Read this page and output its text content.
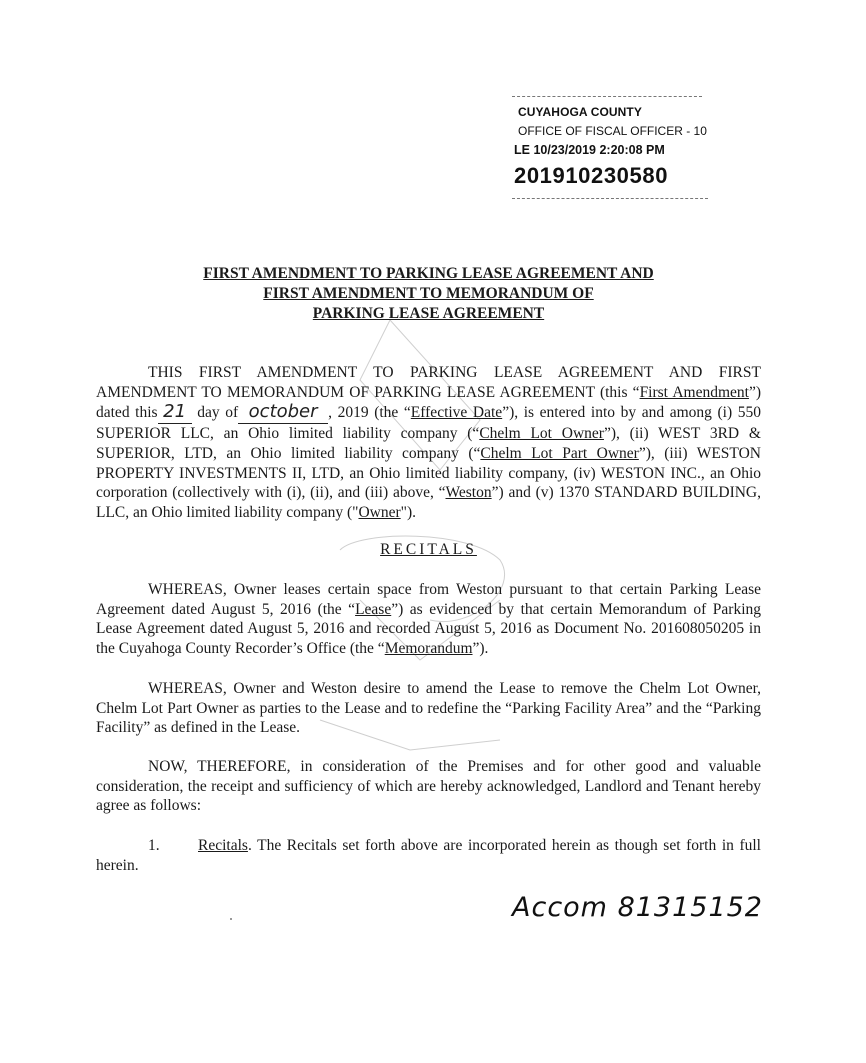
CUYAHOGA COUNTY
OFFICE OF FISCAL OFFICER - 10
LE 10/23/2019 2:20:08 PM
201910230580
FIRST AMENDMENT TO PARKING LEASE AGREEMENT AND
FIRST AMENDMENT TO MEMORANDUM OF
PARKING LEASE AGREEMENT

THIS FIRST AMENDMENT TO PARKING LEASE AGREEMENT AND FIRST AMENDMENT TO MEMORANDUM OF PARKING LEASE AGREEMENT (this “First Amendment”) dated this 21 day of october , 2019 (the “Effective Date”), is entered into by and among (i) 550 SUPERIOR LLC, an Ohio limited liability company (“Chelm Lot Owner”), (ii) WEST 3RD & SUPERIOR, LTD, an Ohio limited liability company (“Chelm Lot Part Owner”), (iii) WESTON PROPERTY INVESTMENTS II, LTD, an Ohio limited liability company, (iv) WESTON INC., an Ohio corporation (collectively with (i), (ii), and (iii) above, “Weston”) and (v) 1370 STANDARD BUILDING, LLC, an Ohio limited liability company ("Owner").

RECITALS

WHEREAS, Owner leases certain space from Weston pursuant to that certain Parking Lease Agreement dated August 5, 2016 (the “Lease”) as evidenced by that certain Memorandum of Parking Lease Agreement dated August 5, 2016 and recorded August 5, 2016 as Document No. 201608050205 in the Cuyahoga County Recorder’s Office (the “Memorandum”).

WHEREAS, Owner and Weston desire to amend the Lease to remove the Chelm Lot Owner, Chelm Lot Part Owner as parties to the Lease and to redefine the “Parking Facility Area” and the “Parking Facility” as defined in the Lease.

NOW, THEREFORE, in consideration of the Premises and for other good and valuable consideration, the receipt and sufficiency of which are hereby acknowledged, Landlord and Tenant hereby agree as follows:

1. Recitals. The Recitals set forth above are incorporated herein as though set forth in full herein.

Accom 81315152
